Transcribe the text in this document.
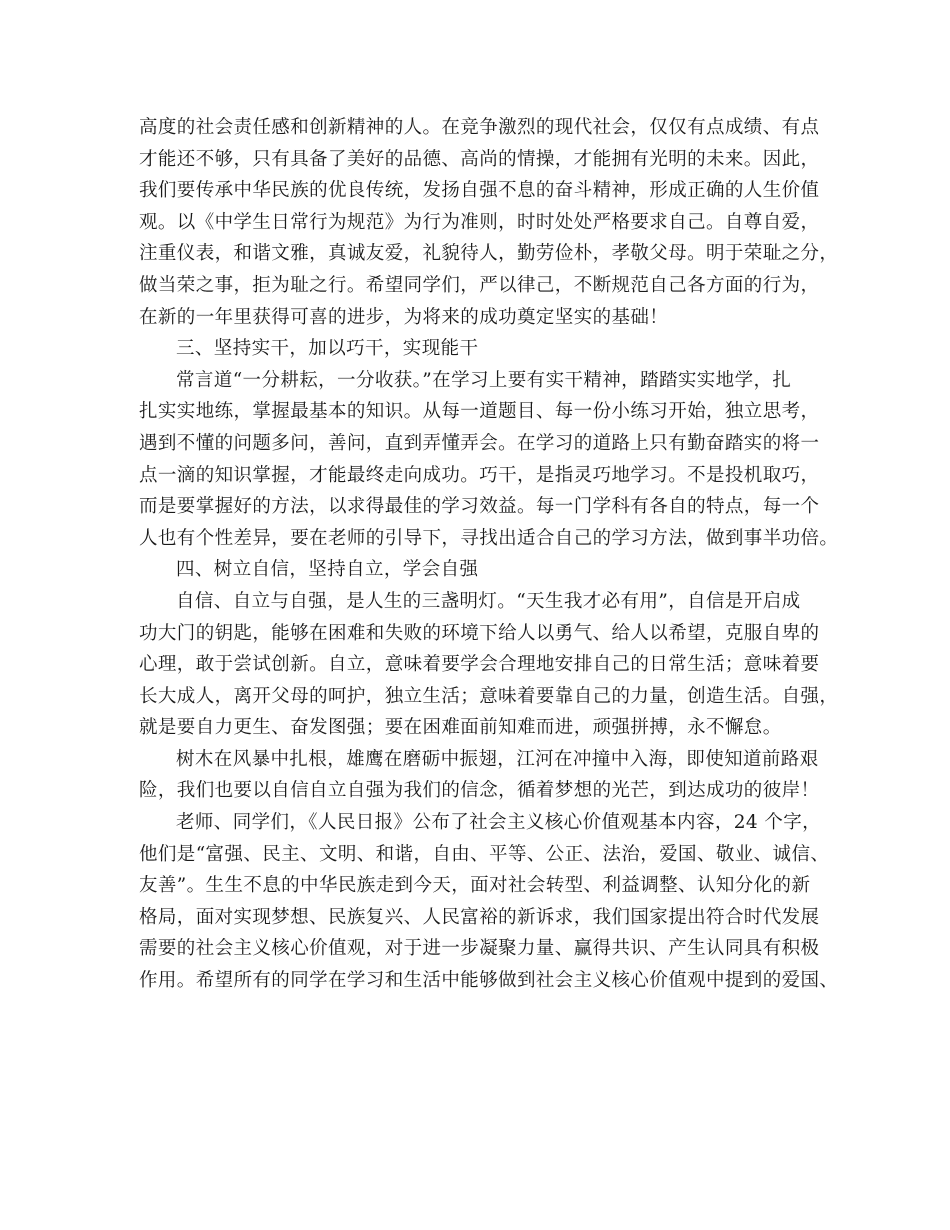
高度的社会责任感和创新精神的人。在竞争激烈的现代社会，仅仅有点成绩、有点
才能还不够，只有具备了美好的品德、高尚的情操，才能拥有光明的未来。因此，
我们要传承中华民族的优良传统，发扬自强不息的奋斗精神，形成正确的人生价值
观。以《中学生日常行为规范》为行为准则，时时处处严格要求自己。自尊自爱，
注重仪表，和谐文雅，真诚友爱，礼貌待人，勤劳俭朴，孝敬父母。明于荣耻之分，
做当荣之事，拒为耻之行。希望同学们，严以律己，不断规范自己各方面的行为，
在新的一年里获得可喜的进步，为将来的成功奠定坚实的基础！
三、坚持实干，加以巧干，实现能干
常言道“一分耕耘，一分收获。”在学习上要有实干精神，踏踏实实地学，扎
扎实实地练，掌握最基本的知识。从每一道题目、每一份小练习开始，独立思考，
遇到不懂的问题多问，善问，直到弄懂弄会。在学习的道路上只有勤奋踏实的将一
点一滴的知识掌握，才能最终走向成功。巧干，是指灵巧地学习。不是投机取巧，
而是要掌握好的方法，以求得最佳的学习效益。每一门学科有各自的特点，每一个
人也有个性差异，要在老师的引导下，寻找出适合自己的学习方法，做到事半功倍。
四、树立自信，坚持自立，学会自强
自信、自立与自强，是人生的三盏明灯。“天生我才必有用”，自信是开启成
功大门的钥匙，能够在困难和失败的环境下给人以勇气、给人以希望，克服自卑的
心理，敢于尝试创新。自立，意味着要学会合理地安排自己的日常生活；意味着要
长大成人，离开父母的呵护，独立生活；意味着要靠自己的力量，创造生活。自强，
就是要自力更生、奋发图强；要在困难面前知难而进，顽强拼搏，永不懈怠。
树木在风暴中扎根，雄鹰在磨砺中振翅，江河在冲撞中入海，即使知道前路艰
险，我们也要以自信自立自强为我们的信念，循着梦想的光芒，到达成功的彼岸！
老师、同学们，《人民日报》公布了社会主义核心价值观基本内容，24 个字，
他们是“富强、民主、文明、和谐，自由、平等、公正、法治，爱国、敬业、诚信、
友善”。生生不息的中华民族走到今天，面对社会转型、利益调整、认知分化的新
格局，面对实现梦想、民族复兴、人民富裕的新诉求，我们国家提出符合时代发展
需要的社会主义核心价值观，对于进一步凝聚力量、赢得共识、产生认同具有积极
作用。希望所有的同学在学习和生活中能够做到社会主义核心价值观中提到的爱国、
